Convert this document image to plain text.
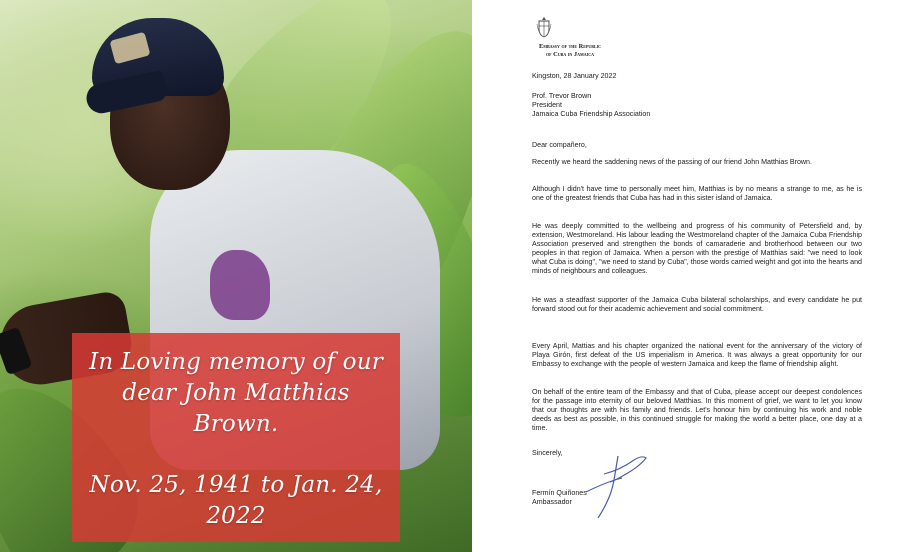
In Loving memory of our
dear John Matthias
Brown.
Nov. 25, 1941 to Jan. 24,
2022
Embassy of the Republic
of Cuba in Jamaica

Kingston, 28 January 2022

Prof. Trevor Brown
President
Jamaica Cuba Friendship Association

Dear compañero,

Recently we heard the saddening news of the passing of our friend John Matthias Brown.

Although I didn't have time to personally meet him, Matthias is by no means a strange to me, as he is one of the greatest friends that Cuba has had in this sister island of Jamaica.

He was deeply committed to the wellbeing and progress of his community of Petersfield and, by extension, Westmoreland. His labour leading the Westmoreland chapter of the Jamaica Cuba Friendship Association preserved and strengthen the bonds of camaraderie and brotherhood between our two peoples in that region of Jamaica. When a person with the prestige of Matthias said: "we need to look what Cuba is doing", "we need to stand by Cuba", those words carried weight and got into the hearts and minds of neighbours and colleagues.

He was a steadfast supporter of the Jamaica Cuba bilateral scholarships, and every candidate he put forward stood out for their academic achievement and social commitment.

Every April, Mattias and his chapter organized the national event for the anniversary of the victory of Playa Girón, first defeat of the US imperialism in America. It was always a great opportunity for our Embassy to exchange with the people of western Jamaica and keep the flame of friendship alight.

On behalf of the entire team of the Embassy and that of Cuba, please accept our deepest condolences for the passage into eternity of our beloved Matthias. In this moment of grief, we want to let you know that our thoughts are with his family and friends. Let's honour him by continuing his work and noble deeds as best as possible, in this continued struggle for making the world a better place, one day at a time.

Sincerely,

Fermín Quiñones
Ambassador
